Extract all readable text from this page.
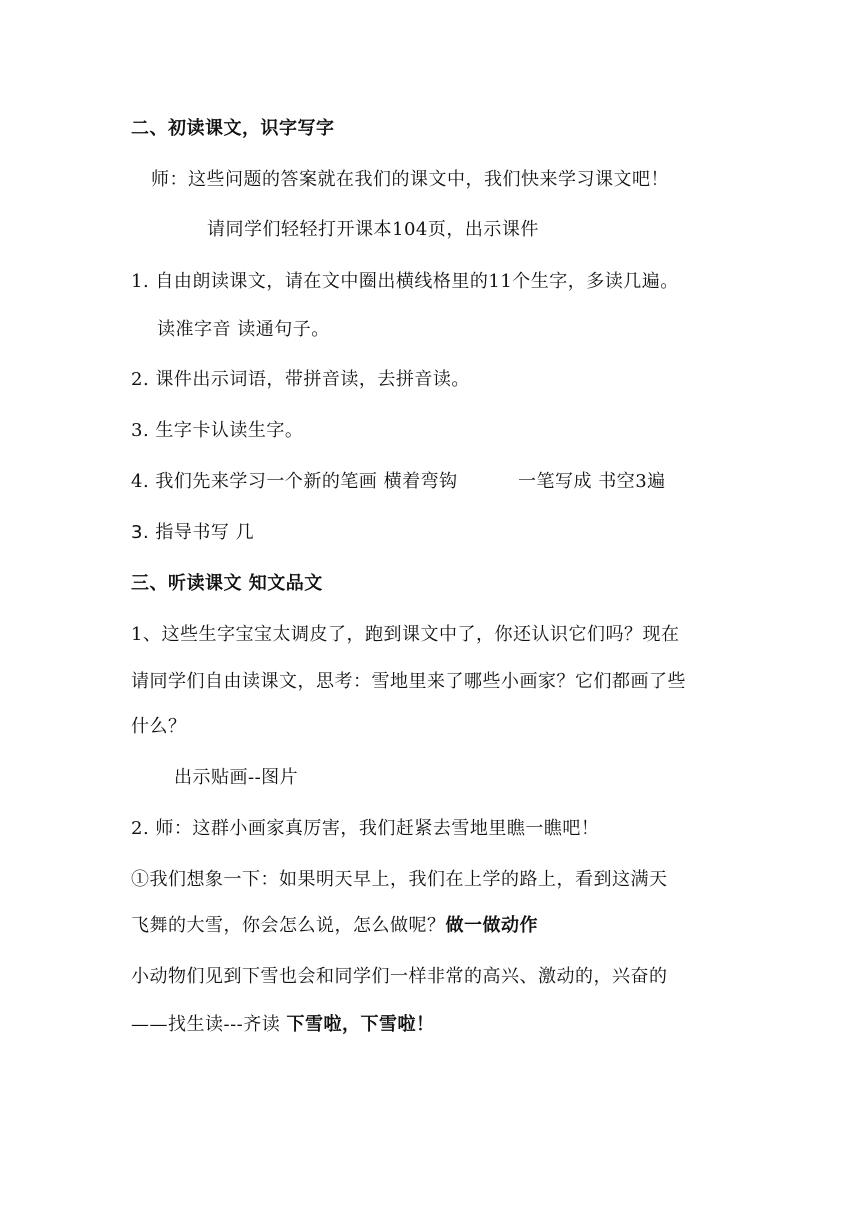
二、初读课文，识字写字
师：这些问题的答案就在我们的课文中，我们快来学习课文吧！
请同学们轻轻打开课本104页，出示课件
1. 自由朗读课文，请在文中圈出横线格里的11个生字，多读几遍。
读准字音 读通句子。
2. 课件出示词语，带拼音读，去拼音读。
3. 生字卡认读生字。
4. 我们先来学习一个新的笔画 横着弯钩	一笔写成 书空3遍
3. 指导书写 几
三、听读课文 知文品文
1、这些生字宝宝太调皮了，跑到课文中了，你还认识它们吗？现在
请同学们自由读课文，思考：雪地里来了哪些小画家？它们都画了些
什么？
出示贴画--图片
2. 师：这群小画家真厉害，我们赶紧去雪地里瞧一瞧吧！
①我们想象一下：如果明天早上，我们在上学的路上，看到这满天
飞舞的大雪，你会怎么说，怎么做呢？做一做动作
小动物们见到下雪也会和同学们一样非常的高兴、激动的，兴奋的
——找生读---齐读 下雪啦，下雪啦！
